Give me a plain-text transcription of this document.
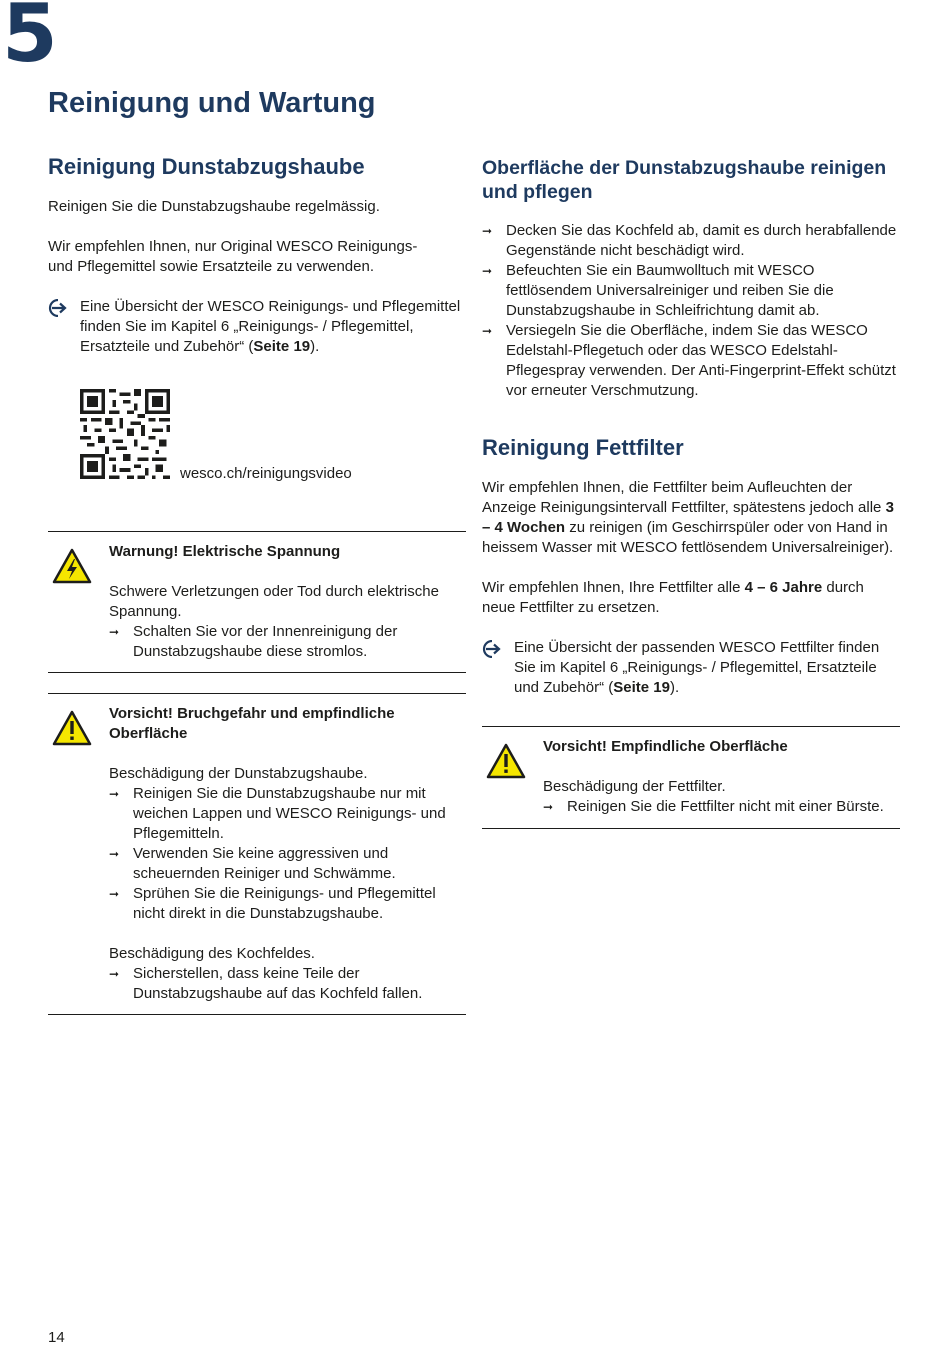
5
Reinigung und Wartung
Reinigung Dunstabzugshaube

Reinigen Sie die Dunstabzugshaube regelmässig.

Wir empfehlen Ihnen, nur Original WESCO Reinigungs-
und Pflegemittel sowie Ersatzteile zu verwenden.

Eine Übersicht der WESCO Reinigungs- und Pflegemittel finden Sie im Kapitel 6 „Reinigungs- / Pflegemittel, Ersatzteile und Zubehör“ (Seite 19).
wesco.ch/reinigungsvideo
Warnung! Elektrische Spannung

Schwere Verletzungen oder Tod durch elektrische Spannung.

➞ Schalten Sie vor der Innenreinigung der Dunstabzugshaube diese stromlos.
Vorsicht! Bruchgefahr und empfindliche Oberfläche

Beschädigung der Dunstabzugshaube.

➞ Reinigen Sie die Dunstabzugshaube nur mit weichen Lappen und WESCO Reinigungs- und Pflegemitteln.
➞ Verwenden Sie keine aggressiven und scheuernden Reiniger und Schwämme.
➞ Sprühen Sie die Reinigungs- und Pflegemittel nicht direkt in die Dunstabzugshaube.

Beschädigung des Kochfeldes.

➞ Sicherstellen, dass keine Teile der Dunstabzugshaube auf das Kochfeld fallen.
Oberfläche der Dunstabzugshaube reinigen und pflegen
➞ Decken Sie das Kochfeld ab, damit es durch herabfallende Gegenstände nicht beschädigt wird.
➞ Befeuchten Sie ein Baumwolltuch mit WESCO fettlösendem Universalreiniger und reiben Sie die Dunstabzugshaube in Schleifrichtung damit ab.
➞ Versiegeln Sie die Oberfläche, indem Sie das WESCO Edelstahl-Pflegetuch oder das WESCO Edelstahl-Pflegespray verwenden. Der Anti-Fingerprint-Effekt schützt vor erneuter Verschmutzung.
Reinigung Fettfilter

Wir empfehlen Ihnen, die Fettfilter beim Aufleuchten der Anzeige Reinigungsintervall Fettfilter, spätestens jedoch alle 3 – 4 Wochen zu reinigen (im Geschirrspüler oder von Hand in heissem Wasser mit WESCO fettlösendem Universalreiniger).

Wir empfehlen Ihnen, Ihre Fettfilter alle 4 – 6 Jahre durch neue Fettfilter zu ersetzen.

Eine Übersicht der passenden WESCO Fettfilter finden Sie im Kapitel 6 „Reinigungs- / Pflegemittel, Ersatzteile und Zubehör“ (Seite 19).
Vorsicht! Empfindliche Oberfläche

Beschädigung der Fettfilter.

➞ Reinigen Sie die Fettfilter nicht mit einer Bürste.
14
